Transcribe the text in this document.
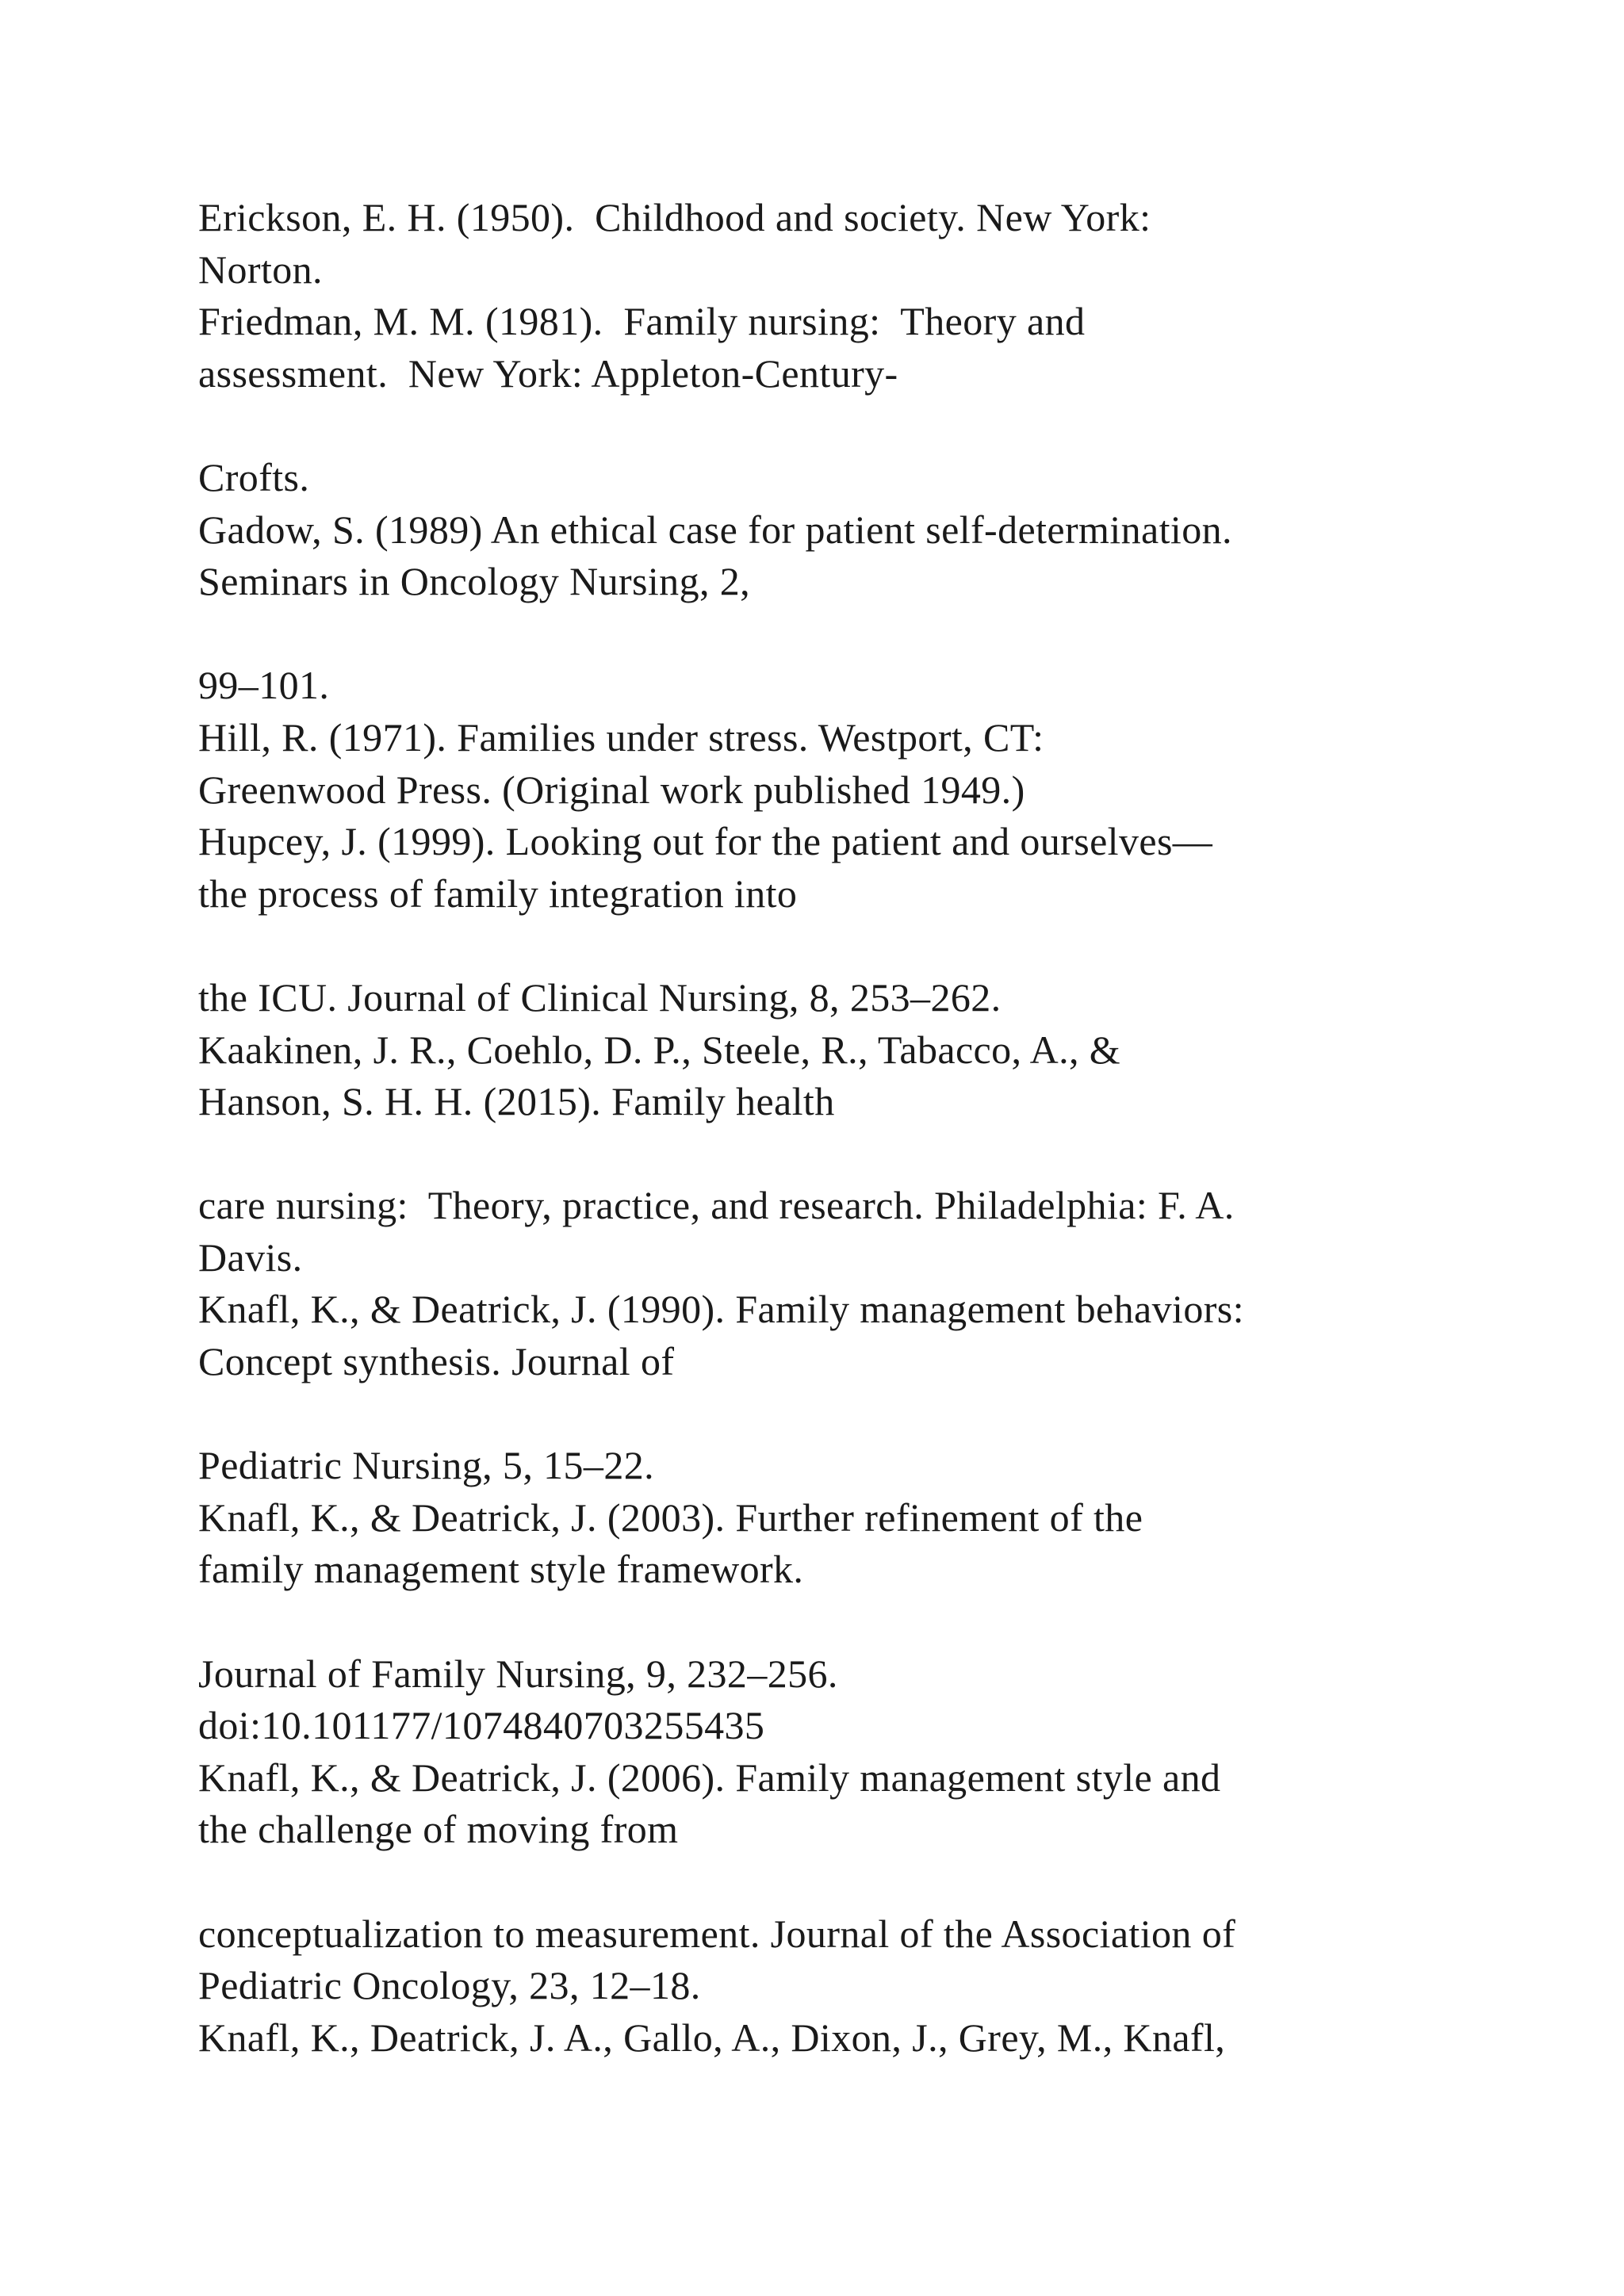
Erickson, E. H. (1950).  Childhood and society. New York:
Norton.
Friedman, M. M. (1981).  Family nursing:  Theory and
assessment.  New York: Appleton-Century-
Crofts.
Gadow, S. (1989) An ethical case for patient self-determination.
Seminars in Oncology Nursing, 2,
99–101.
Hill, R. (1971). Families under stress. Westport, CT:
Greenwood Press. (Original work published 1949.)
Hupcey, J. (1999). Looking out for the patient and ourselves—
the process of family integration into
the ICU. Journal of Clinical Nursing, 8, 253–262.
Kaakinen, J. R., Coehlo, D. P., Steele, R., Tabacco, A., &
Hanson, S. H. H. (2015). Family health
care nursing:  Theory, practice, and research. Philadelphia: F. A.
Davis.
Knafl, K., & Deatrick, J. (1990). Family management behaviors:
Concept synthesis. Journal of
Pediatric Nursing, 5, 15–22.
Knafl, K., & Deatrick, J. (2003). Further refinement of the
family management style framework.
Journal of Family Nursing, 9, 232–256.
doi:10.101177/1074840703255435
Knafl, K., & Deatrick, J. (2006). Family management style and
the challenge of moving from
conceptualization to measurement. Journal of the Association of
Pediatric Oncology, 23, 12–18.
Knafl, K., Deatrick, J. A., Gallo, A., Dixon, J., Grey, M., Knafl,
